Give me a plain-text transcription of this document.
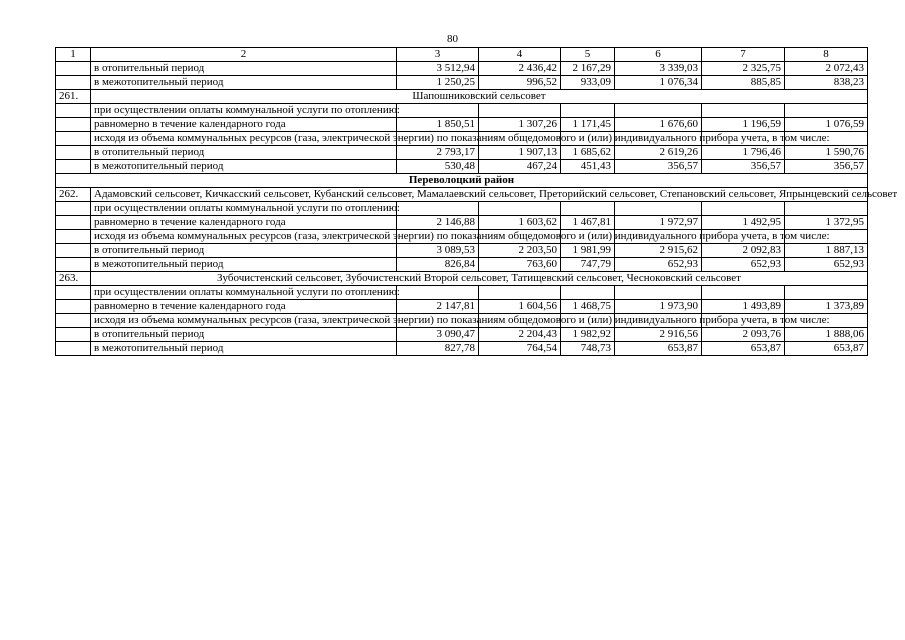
80
1	2	3	4	5	6	7	8
	в отопительный период	3 512,94	2 436,42	2 167,29	3 339,03	2 325,75	2 072,43
	в межотопительный период	1 250,25	996,52	933,09	1 076,34	885,85	838,23
261.	Шапошниковский сельсовет						
	при осуществлении оплаты коммунальной услуги по отоплению:						
	равномерно в течение календарного года	1 850,51	1 307,26	1 171,45	1 676,60	1 196,59	1 076,59
	исходя из объема коммунальных ресурсов (газа, электрической энергии) по показаниям общедомового и (или) индивидуального прибора учета, в том числе:						
	в отопительный период	2 793,17	1 907,13	1 685,62	2 619,26	1 796,46	1 590,76
	в межотопительный период	530,48	467,24	451,43	356,57	356,57	356,57
Переволоцкий район							
262.	Адамовский сельсовет, Кичкасский сельсовет, Кубанский сельсовет, Мамалаевский сельсовет, Преторийский сельсовет, Степановский сельсовет, Япрынцевский сельсовет						
	при осуществлении оплаты коммунальной услуги по отоплению:						
	равномерно в течение календарного года	2 146,88	1 603,62	1 467,81	1 972,97	1 492,95	1 372,95
	исходя из объема коммунальных ресурсов (газа, электрической энергии) по показаниям общедомового и (или) индивидуального прибора учета, в том числе:						
	в отопительный период	3 089,53	2 203,50	1 981,99	2 915,62	2 092,83	1 887,13
	в межотопительный период	826,84	763,60	747,79	652,93	652,93	652,93
263.	Зубочистенский сельсовет, Зубочистенский Второй сельсовет, Татищевский сельсовет, Чесноковский сельсовет						
	при осуществлении оплаты коммунальной услуги по отоплению:						
	равномерно в течение календарного года	2 147,81	1 604,56	1 468,75	1 973,90	1 493,89	1 373,89
	исходя из объема коммунальных ресурсов (газа, электрической энергии) по показаниям общедомового и (или) индивидуального прибора учета, в том числе:						
	в отопительный период	3 090,47	2 204,43	1 982,92	2 916,56	2 093,76	1 888,06
	в межотопительный период	827,78	764,54	748,73	653,87	653,87	653,87
